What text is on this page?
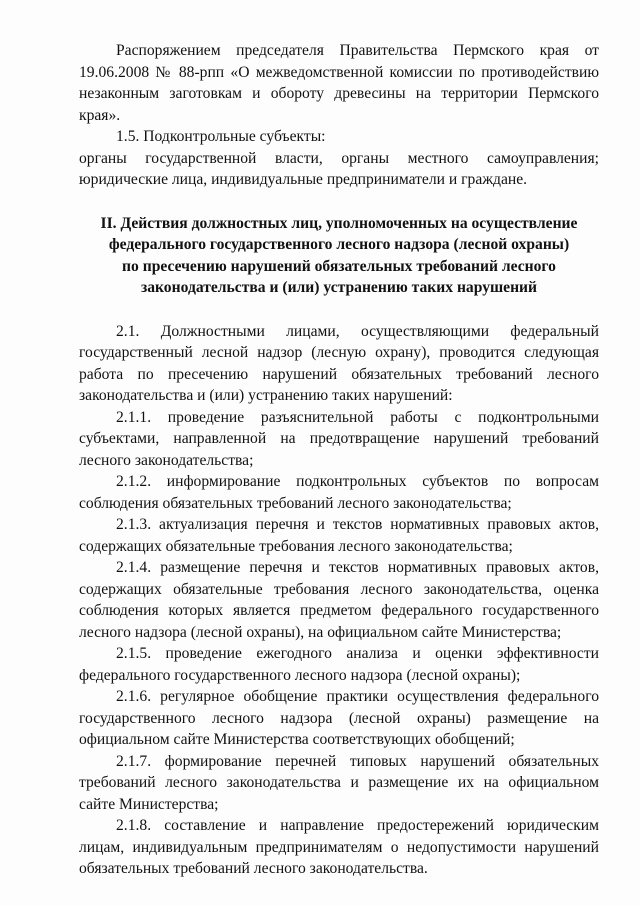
Распоряжением председателя Правительства Пермского края от 19.06.2008 № 88-рпп «О межведомственной комиссии по противодействию незаконным заготовкам и обороту древесины на территории Пермского края».

1.5. Подконтрольные субъекты:

органы государственной власти, органы местного самоуправления; юридические лица, индивидуальные предприниматели и граждане.

II. Действия должностных лиц, уполномоченных на осуществление
федерального государственного лесного надзора (лесной охраны)
по пресечению нарушений обязательных требований лесного
законодательства и (или) устранению таких нарушений

2.1. Должностными лицами, осуществляющими федеральный государственный лесной надзор (лесную охрану), проводится следующая работа по пресечению нарушений обязательных требований лесного законодательства и (или) устранению таких нарушений:

2.1.1. проведение разъяснительной работы с подконтрольными субъектами, направленной на предотвращение нарушений требований лесного законодательства;

2.1.2. информирование подконтрольных субъектов по вопросам соблюдения обязательных требований лесного законодательства;

2.1.3. актуализация перечня и текстов нормативных правовых актов, содержащих обязательные требования лесного законодательства;

2.1.4. размещение перечня и текстов нормативных правовых актов, содержащих обязательные требования лесного законодательства, оценка соблюдения которых является предметом федерального государственного лесного надзора (лесной охраны), на официальном сайте Министерства;

2.1.5. проведение ежегодного анализа и оценки эффективности федерального государственного лесного надзора (лесной охраны);

2.1.6. регулярное обобщение практики осуществления федерального государственного лесного надзора (лесной охраны) размещение на официальном сайте Министерства соответствующих обобщений;

2.1.7. формирование перечней типовых нарушений обязательных требований лесного законодательства и размещение их на официальном сайте Министерства;

2.1.8. составление и направление предостережений юридическим лицам, индивидуальным предпринимателям о недопустимости нарушений обязательных требований лесного законодательства.
